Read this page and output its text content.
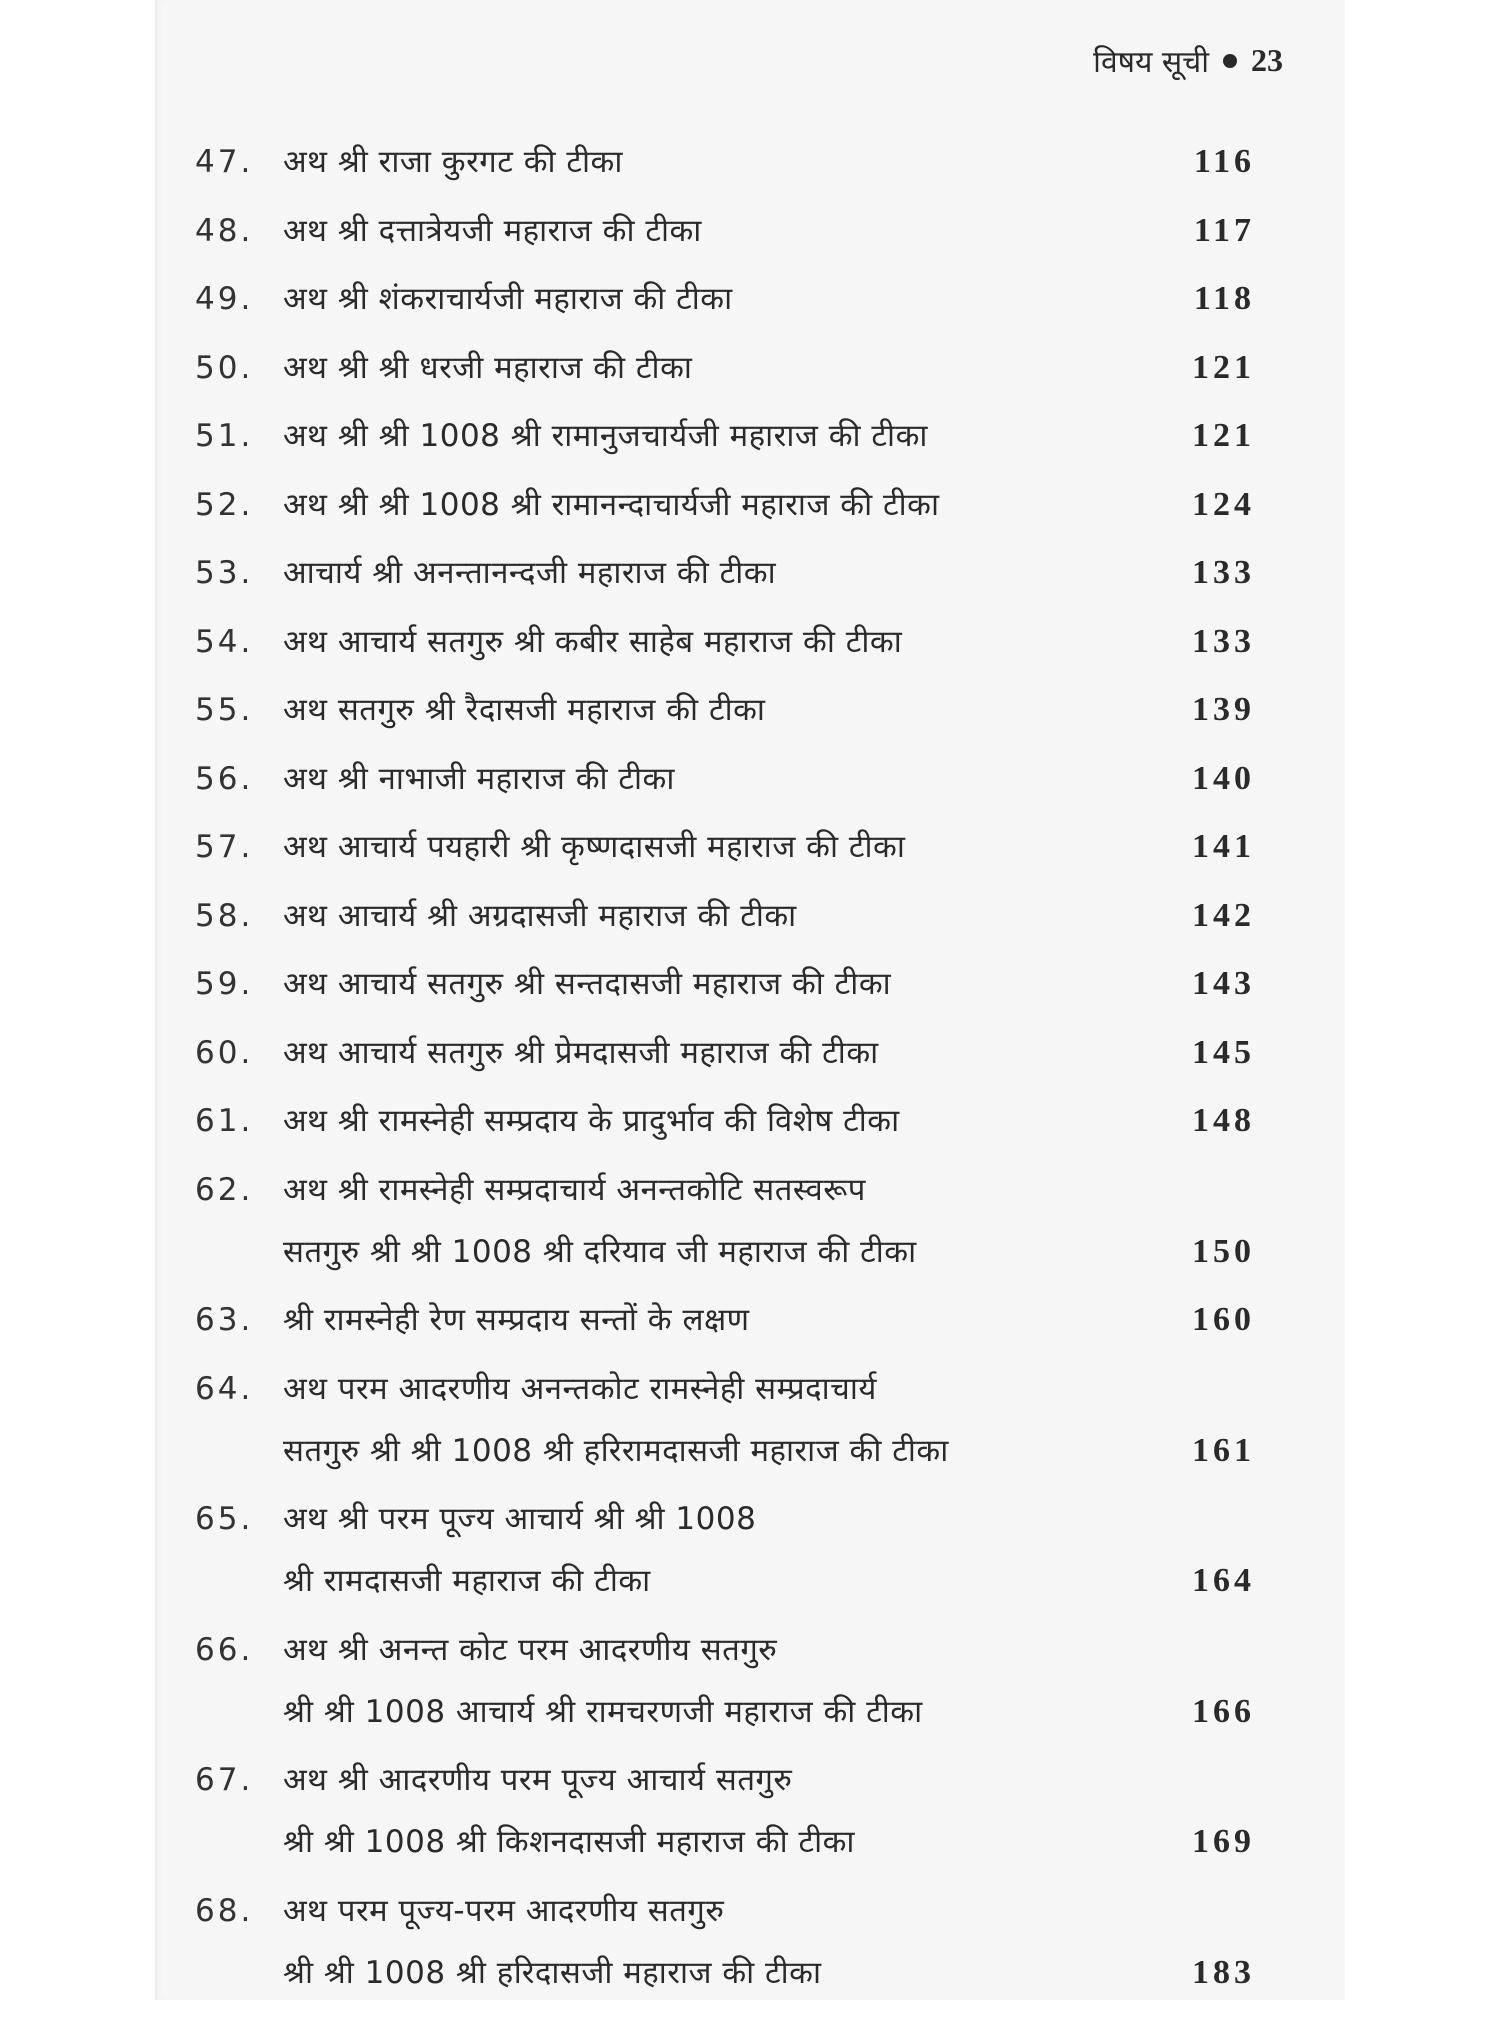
विषय सूची 23
47. अथ श्री राजा कुरगट की टीका	116
48. अथ श्री दत्तात्रेयजी महाराज की टीका	117
49. अथ श्री शंकराचार्यजी महाराज की टीका	118
50. अथ श्री श्री धरजी महाराज की टीका	121
51. अथ श्री श्री 1008 श्री रामानुजचार्यजी महाराज की टीका	121
52. अथ श्री श्री 1008 श्री रामानन्दाचार्यजी महाराज की टीका	124
53. आचार्य श्री अनन्तानन्दजी महाराज की टीका	133
54. अथ आचार्य सतगुरु श्री कबीर साहेब महाराज की टीका	133
55. अथ सतगुरु श्री रैदासजी महाराज की टीका	139
56. अथ श्री नाभाजी महाराज की टीका	140
57. अथ आचार्य पयहारी श्री कृष्णदासजी महाराज की टीका	141
58. अथ आचार्य श्री अग्रदासजी महाराज की टीका	142
59. अथ आचार्य सतगुरु श्री सन्तदासजी महाराज की टीका	143
60. अथ आचार्य सतगुरु श्री प्रेमदासजी महाराज की टीका	145
61. अथ श्री रामस्नेही सम्प्रदाय के प्रादुर्भाव की विशेष टीका	148
62. अथ श्री रामस्नेही सम्प्रदाचार्य अनन्तकोटि सतस्वरूप
सतगुरु श्री श्री 1008 श्री दरियाव जी महाराज की टीका	150
63. श्री रामस्नेही रेण सम्प्रदाय सन्तों के लक्षण	160
64. अथ परम आदरणीय अनन्तकोट रामस्नेही सम्प्रदाचार्य
सतगुरु श्री श्री 1008 श्री हरिरामदासजी महाराज की टीका	161
65. अथ श्री परम पूज्य आचार्य श्री श्री 1008
श्री रामदासजी महाराज की टीका	164
66. अथ श्री अनन्त कोट परम आदरणीय सतगुरु
श्री श्री 1008 आचार्य श्री रामचरणजी महाराज की टीका	166
67. अथ श्री आदरणीय परम पूज्य आचार्य सतगुरु
श्री श्री 1008 श्री किशनदासजी महाराज की टीका	169
68. अथ परम पूज्य-परम आदरणीय सतगुरु
श्री श्री 1008 श्री हरिदासजी महाराज की टीका	183
